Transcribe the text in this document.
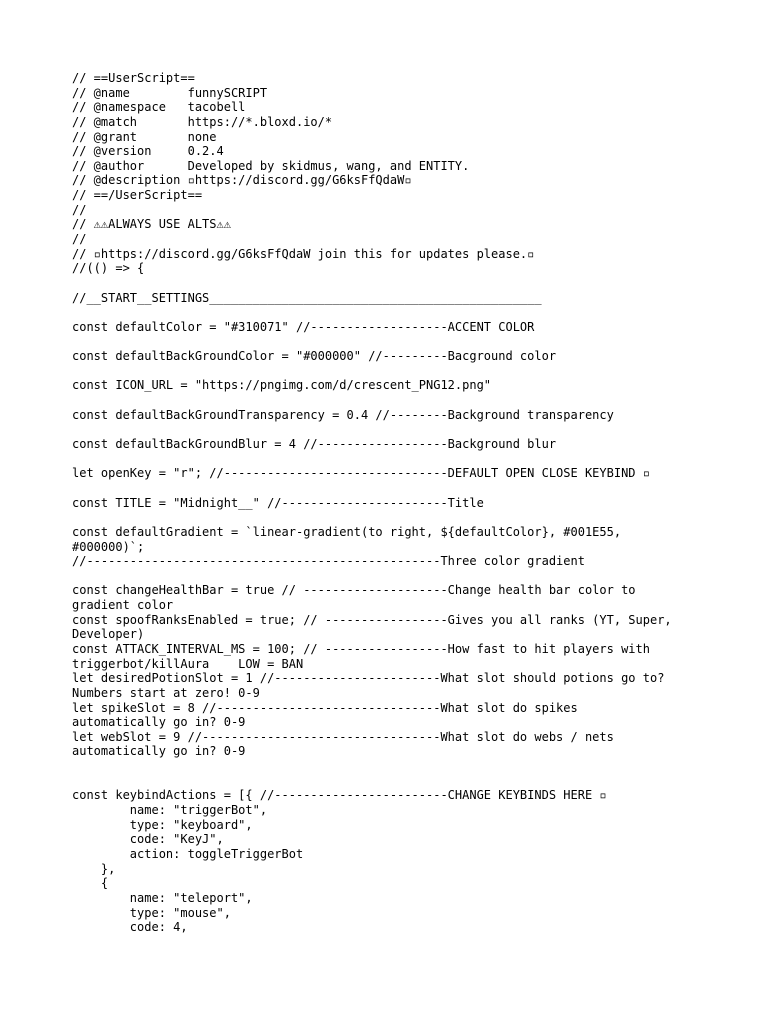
// ==UserScript==
// @name        funnySCRIPT
// @namespace   tacobell
// @match       https://*.bloxd.io/*
// @grant       none
// @version     0.2.4
// @author      Developed by skidmus, wang, and ENTITY.
// @description ▫https://discord.gg/G6ksFfQdaW▫
// ==/UserScript==
//
// ⚠⚠ALWAYS USE ALTS⚠⚠
//
// ▫https://discord.gg/G6ksFfQdaW join this for updates please.▫
//(() => {
//__START__SETTINGS______________________________________________
const defaultColor = "#310071" //-------------------ACCENT COLOR
const defaultBackGroundColor = "#000000" //---------Bacground color
const ICON_URL = "https://pngimg.com/d/crescent_PNG12.png"
const defaultBackGroundTransparency = 0.4 //--------Background transparency
const defaultBackGroundBlur = 4 //------------------Background blur
let openKey = "r"; //-------------------------------DEFAULT OPEN CLOSE KEYBIND ▫
const TITLE = "Midnight__" //-----------------------Title
const defaultGradient = `linear-gradient(to right, ${defaultColor}, #001E55,
#000000)`;
//-------------------------------------------------Three color gradient
const changeHealthBar = true // --------------------Change health bar color to
gradient color
const spoofRanksEnabled = true; // -----------------Gives you all ranks (YT, Super,
Developer)
const ATTACK_INTERVAL_MS = 100; // -----------------How fast to hit players with
triggerbot/killAura    LOW = BAN
let desiredPotionSlot = 1 //-----------------------What slot should potions go to?
Numbers start at zero! 0-9
let spikeSlot = 8 //-------------------------------What slot do spikes
automatically go in? 0-9
let webSlot = 9 //---------------------------------What slot do webs / nets
automatically go in? 0-9
const keybindActions = [{ //------------------------CHANGE KEYBINDS HERE ▫
name: "triggerBot",
type: "keyboard",
code: "KeyJ",
action: toggleTriggerBot
},
{
name: "teleport",
type: "mouse",
code: 4,
